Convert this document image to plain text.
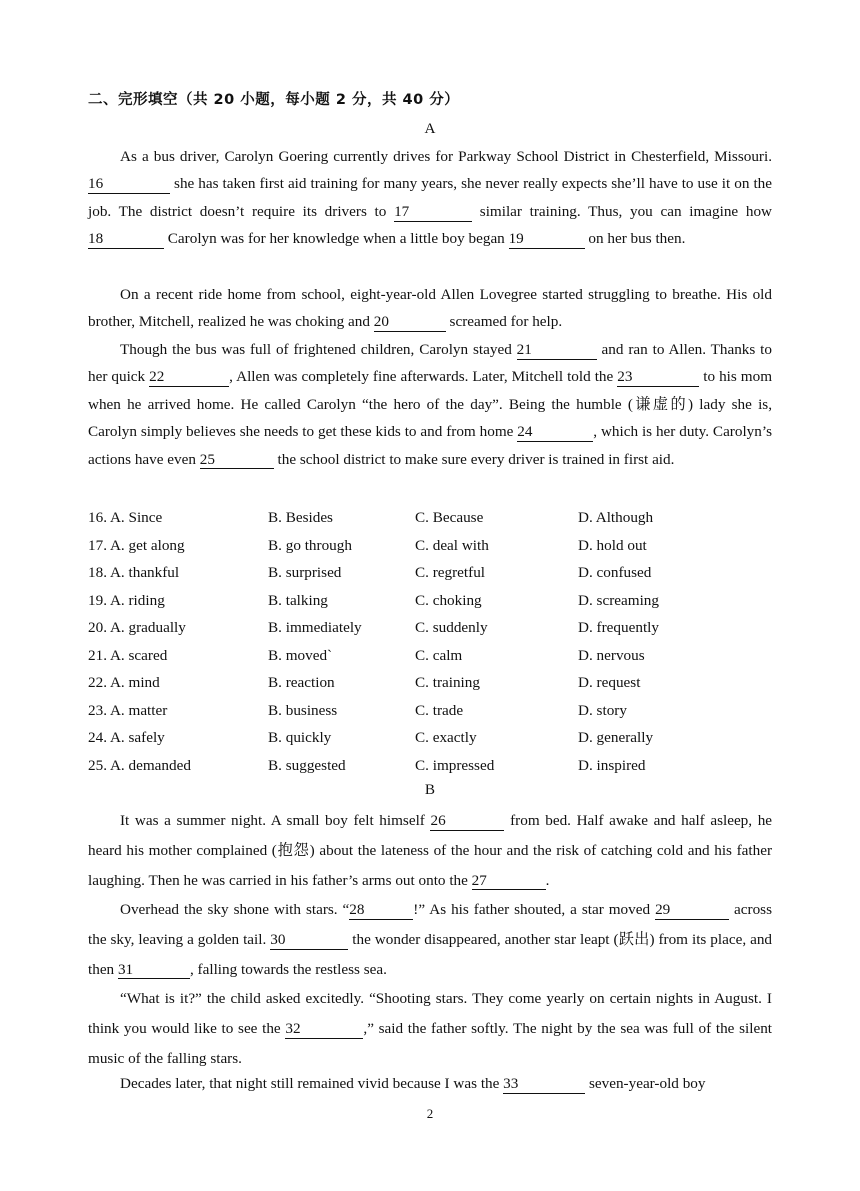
二、完形填空（共 20 小题，每小题 2 分，共 40 分）
A
As a bus driver, Carolyn Goering currently drives for Parkway School District in Chesterfield, Missouri. 16	she has taken first aid training for many years, she never really expects she’ll have to use it on the job. The district doesn’t require its drivers to 17	similar training. Thus, you can imagine how 18	Carolyn was for her knowledge when a little boy began 19	on her bus then.
On a recent ride home from school, eight-year-old Allen Lovegree started struggling to breathe. His old brother, Mitchell, realized he was choking and 20	screamed for help.
Though the bus was full of frightened children, Carolyn stayed 21	and ran to Allen. Thanks to her quick 22	, Allen was completely fine afterwards. Later, Mitchell told the 23	to his mom when he arrived home. He called Carolyn “the hero of the day”. Being the humble (谦虚的) lady she is, Carolyn simply believes she needs to get these kids to and from home 24	, which is her duty. Carolyn’s actions have even 25	the school district to make sure every driver is trained in first aid.
16. A. Since	B. Besides	C. Because	D. Although
17. A. get along	B. go through	C. deal with	D. hold out
18. A. thankful	B. surprised	C. regretful	D. confused
19. A. riding	B. talking	C. choking	D. screaming
20. A. gradually	B. immediately	C. suddenly	D. frequently
21. A. scared	B. moved`	C. calm	D. nervous
22. A. mind	B. reaction	C. training	D. request
23. A. matter	B. business	C. trade	D. story
24. A. safely	B. quickly	C. exactly	D. generally
25. A. demanded	B. suggested	C. impressed	D. inspired
B
It was a summer night. A small boy felt himself 26	from bed. Half awake and half asleep, he heard his mother complained (抱怨) about the lateness of the hour and the risk of catching cold and his father laughing. Then he was carried in his father’s arms out onto the 27	.
Overhead the sky shone with stars. “28	!” As his father shouted, a star moved 29	across the sky, leaving a golden tail. 30	the wonder disappeared, another star leapt (跃出) from its place, and then 31	, falling towards the restless sea.
“What is it?” the child asked excitedly. “Shooting stars. They come yearly on certain nights in August. I think you would like to see the 32	,” said the father softly. The night by the sea was full of the silent music of the falling stars.
Decades later, that night still remained vivid because I was the 33	seven-year-old boy
2
